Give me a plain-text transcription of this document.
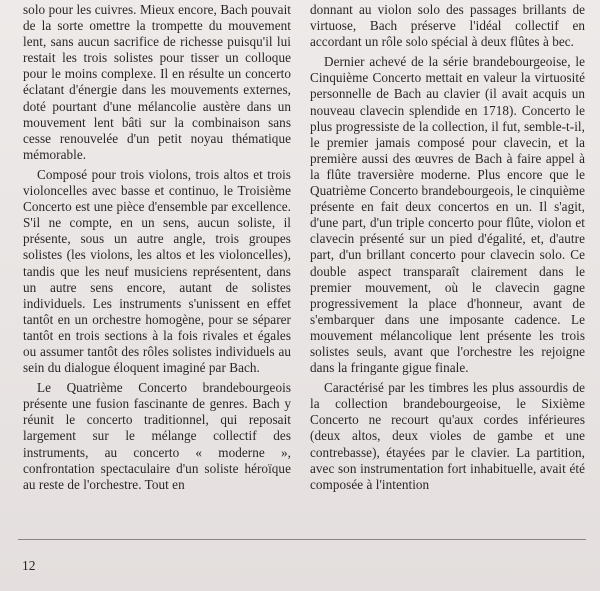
solo pour les cuivres. Mieux encore, Bach pouvait de la sorte omettre la trompette du mouvement lent, sans aucun sacrifice de richesse puisqu'il lui restait les trois solistes pour tisser un colloque pour le moins complexe. Il en résulte un concerto éclatant d'énergie dans les mouvements externes, doté pourtant d'une mélancolie austère dans un mouvement lent bâti sur la combinaison sans cesse renouvelée d'un petit noyau thématique mémorable.

Composé pour trois violons, trois altos et trois violoncelles avec basse et continuo, le Troisième Concerto est une pièce d'ensemble par excellence. S'il ne compte, en un sens, aucun soliste, il présente, sous un autre angle, trois groupes solistes (les violons, les altos et les violoncelles), tandis que les neuf musiciens représentent, dans un autre sens encore, autant de solistes individuels. Les instruments s'unissent en effet tantôt en un orchestre homogène, pour se séparer tantôt en trois sections à la fois rivales et égales ou assumer tantôt des rôles solistes individuels au sein du dialogue éloquent imaginé par Bach.

Le Quatrième Concerto brandebourgeois présente une fusion fascinante de genres. Bach y réunit le concerto traditionnel, qui reposait largement sur le mélange collectif des instruments, au concerto « moderne », confrontation spectaculaire d'un soliste héroïque au reste de l'orchestre. Tout en

donnant au violon solo des passages brillants de virtuose, Bach préserve l'idéal collectif en accordant un rôle solo spécial à deux flûtes à bec.

Dernier achevé de la série brandebourgeoise, le Cinquième Concerto mettait en valeur la virtuosité personnelle de Bach au clavier (il avait acquis un nouveau clavecin splendide en 1718). Concerto le plus progressiste de la collection, il fut, semble-t-il, le premier jamais composé pour clavecin, et la première aussi des œuvres de Bach à faire appel à la flûte traversière moderne. Plus encore que le Quatrième Concerto brandebourgeois, le cinquième présente en fait deux concertos en un. Il s'agit, d'une part, d'un triple concerto pour flûte, violon et clavecin présenté sur un pied d'égalité, et, d'autre part, d'un brillant concerto pour clavecin solo. Ce double aspect transparaît clairement dans le premier mouvement, où le clavecin gagne progressivement la place d'honneur, avant de s'embarquer dans une imposante cadence. Le mouvement mélancolique lent présente les trois solistes seuls, avant que l'orchestre les rejoigne dans la fringante gigue finale.

Caractérisé par les timbres les plus assourdis de la collection brandebourgeoise, le Sixième Concerto ne recourt qu'aux cordes inférieures (deux altos, deux violes de gambe et une contrebasse), étayées par le clavier. La partition, avec son instrumentation fort inhabituelle, avait été composée à l'intention

12
